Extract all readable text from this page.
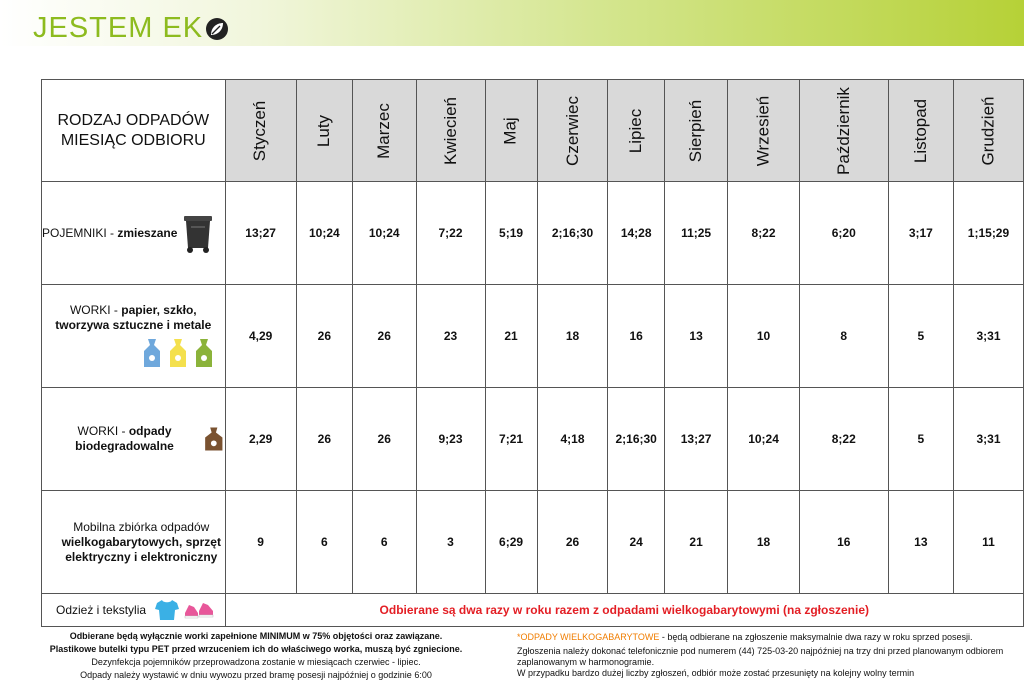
JESTEM EK
RODZAJ ODPADÓW
MIESIĄC ODBIORU	Styczeń	Luty	Marzec	Kwiecień	Maj	Czerwiec	Lipiec	Sierpień	Wrzesień	Październik	Listopad	Grudzień

POJEMNIKI - zmieszane	13;27	10;24	10;24	7;22	5;19	2;16;30	14;28	11;25	8;22	6;20	3;17	1;15;29

WORKI - papier, szkło, tworzywa sztuczne i metale	4,29	26	26	23	21	18	16	13	10	8	5	3;31

WORKI - odpady biodegradowalne	2,29	26	26	9;23	7;21	4;18	2;16;30	13;27	10;24	8;22	5	3;31
Mobilna zbiórka odpadów wielkogabarytowych, sprzęt elektryczny i elektroniczny	9	6	6	3	6;29	26	24	21	18	16	13	11

Odzież i tekstylia	Odbierane są dwa razy w roku razem z odpadami wielkogabarytowymi (na zgłoszenie)											
Odbierane będą wyłącznie worki zapełnione MINIMUM w 75% objętości oraz zawiązane.
Plastikowe butelki typu PET przed wrzuceniem ich do właściwego worka, muszą być zgniecione.
Dezynfekcja pojemników przeprowadzona zostanie w miesiącach czerwiec - lipiec.
Odpady należy wystawić w dniu wywozu przed bramę posesji najpóźniej o godzinie 6:00
*ODPADY WIELKOGABARYTOWE - będą odbierane na zgłoszenie maksymalnie dwa razy w roku sprzed posesji.
Zgłoszenia należy dokonać telefonicznie pod numerem (44) 725-03-20 najpóźniej na trzy dni przed planowanym odbiorem zaplanowanym w harmonogramie.
W przypadku bardzo dużej liczby zgłoszeń, odbiór może zostać przesunięty na kolejny wolny termin
